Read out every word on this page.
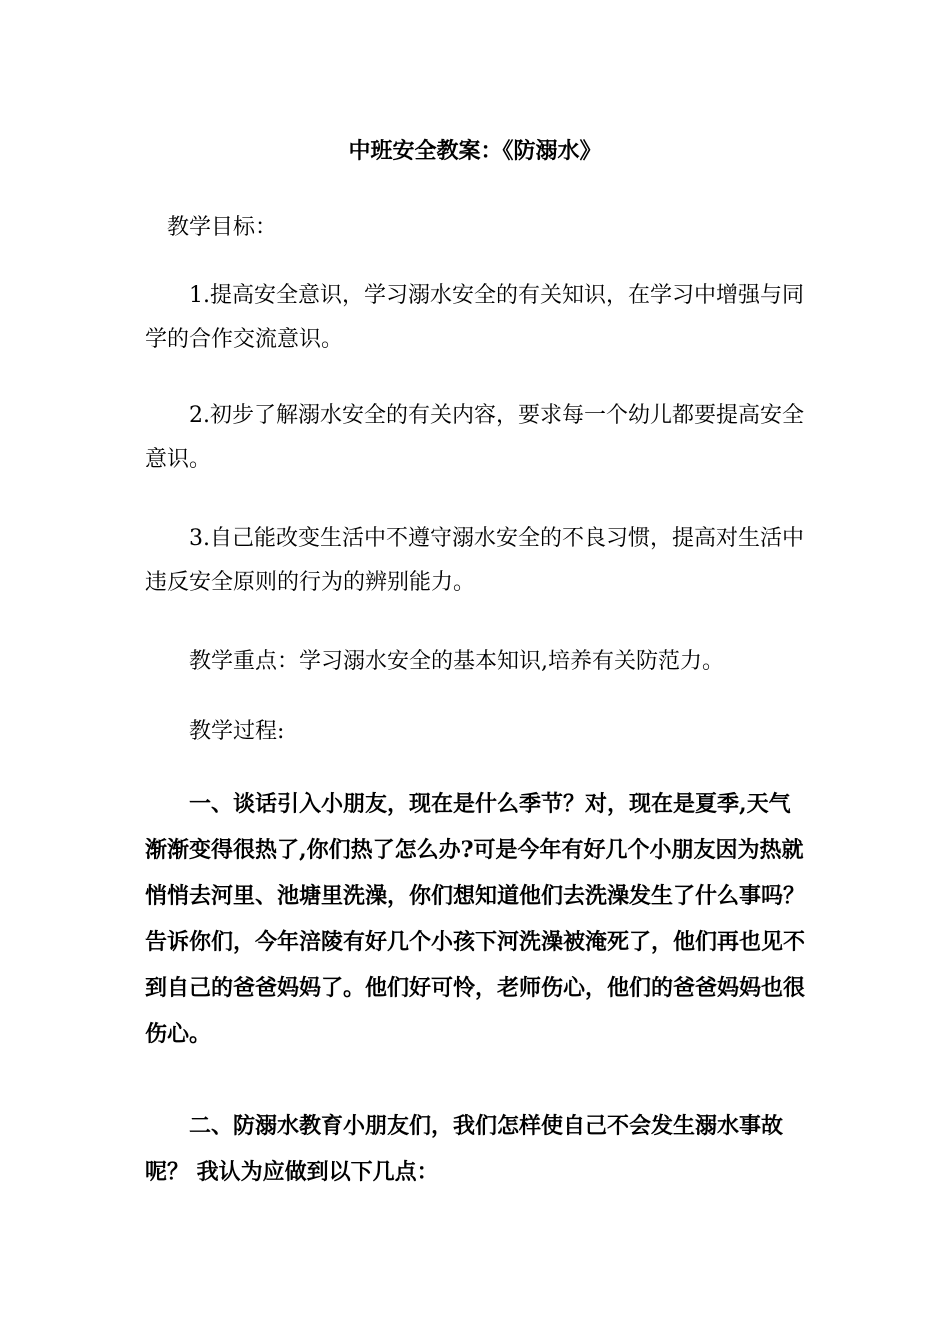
中班安全教案：《防溺水》

教学目标：

1.提高安全意识，学习溺水安全的有关知识，在学习中增强与同学的合作交流意识。

2.初步了解溺水安全的有关内容，要求每一个幼儿都要提高安全意识。

3.自己能改变生活中不遵守溺水安全的不良习惯，提高对生活中违反安全原则的行为的辨别能力。

教学重点：学习溺水安全的基本知识,培养有关防范力。

教学过程:

一、谈话引入小朋友，现在是什么季节？对，现在是夏季,天气渐渐变得很热了,你们热了怎么办?可是今年有好几个小朋友因为热就悄悄去河里、池塘里洗澡，你们想知道他们去洗澡发生了什么事吗？告诉你们，今年涪陵有好几个小孩下河洗澡被淹死了，他们再也见不到自己的爸爸妈妈了。他们好可怜，老师伤心，他们的爸爸妈妈也很伤心。

二、防溺水教育小朋友们，我们怎样使自己不会发生溺水事故呢？ 我认为应做到以下几点：
